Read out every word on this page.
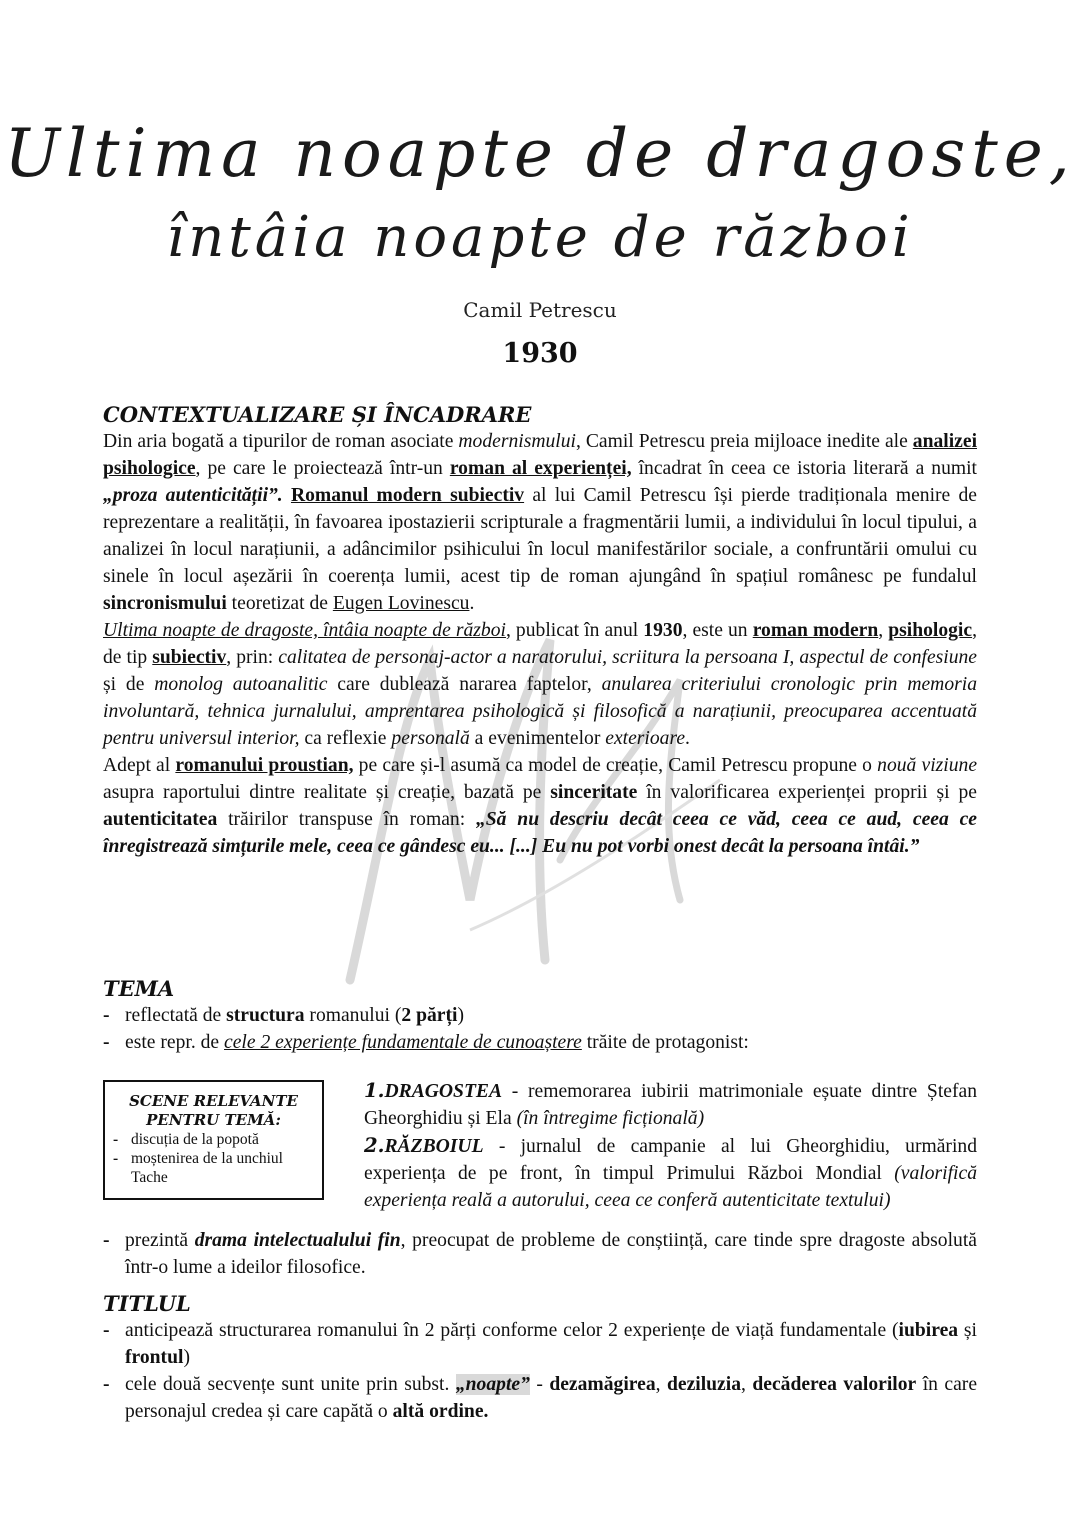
Ultima noapte de dragoste,
întâia noapte de război
Camil Petrescu
1930

CONTEXTUALIZARE ȘI ÎNCADRARE

Din aria bogată a tipurilor de roman asociate modernismului, Camil Petrescu preia mijloace inedite ale analizei psihologice, pe care le proiectează într-un roman al experienței, încadrat în ceea ce istoria literară a numit „proza autenticității”. Romanul modern subiectiv al lui Camil Petrescu își pierde tradiționala menire de reprezentare a realității, în favoarea ipostazierii scripturale a fragmentării lumii, a individului în locul tipului, a analizei în locul narațiunii, a adâncimilor psihicului în locul manifestărilor sociale, a confruntării omului cu sinele în locul așezării în coerența lumii, acest tip de roman ajungând în spațiul românesc pe fundalul sincronismului teoretizat de Eugen Lovinescu.

Ultima noapte de dragoste, întâia noapte de război, publicat în anul 1930, este un roman modern, psihologic, de tip subiectiv, prin: calitatea de personaj-actor a naratorului, scriitura la persoana I, aspectul de confesiune și de monolog autoanalitic care dublează nararea faptelor, anularea criteriului cronologic prin memoria involuntară, tehnica jurnalului, amprentarea psihologică și filosofică a narațiunii, preocuparea accentuată pentru universul interior, ca reflexie personală a evenimentelor exterioare.

Adept al romanului proustian, pe care și-l asumă ca model de creație, Camil Petrescu propune o nouă viziune asupra raportului dintre realitate și creație, bazată pe sinceritate în valorificarea experienței proprii și pe autenticitatea trăirilor transpuse în roman: „Să nu descriu decât ceea ce văd, ceea ce aud, ceea ce înregistrează simțurile mele, ceea ce gândesc eu... [...] Eu nu pot vorbi onest decât la persoana întâi.”

TEMA

- reflectată de structura romanului (2 părți)
- este repr. de cele 2 experiențe fundamentale de cunoaștere trăite de protagonist:
SCENE RELEVANTE
PENTRU TEMĂ:
- discuția de la popotă
- moștenirea de la unchiul Tache
1.DRAGOSTEA - rememorarea iubirii matrimoniale eșuate dintre Ștefan Gheorghidiu și Ela (în întregime ficțională)
2.RĂZBOIUL - jurnalul de campanie al lui Gheorghidiu, urmărind experiența de pe front, în timpul Primului Război Mondial (valorifică experiența reală a autorului, ceea ce conferă autenticitate textului)
- prezintă drama intelectualului fin, preocupat de probleme de conștiință, care tinde spre dragoste absolută într-o lume a ideilor filosofice.

TITLUL

- anticipează structurarea romanului în 2 părți conforme celor 2 experiențe de viață fundamentale (iubirea și frontul)
- cele două secvențe sunt unite prin subst. „noapte” - dezamăgirea, deziluzia, decăderea valorilor în care personajul credea și care capătă o altă ordine.
